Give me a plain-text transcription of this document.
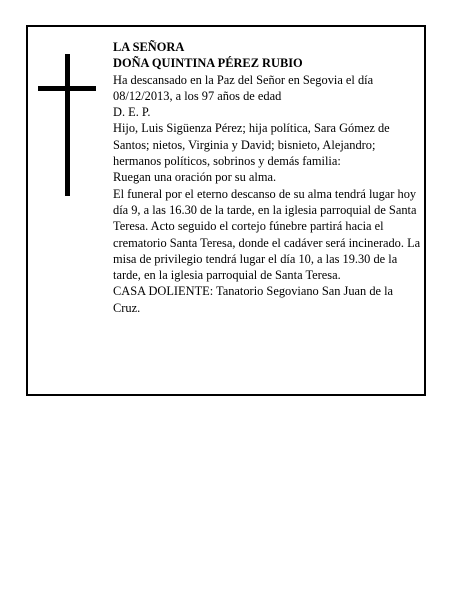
LA SEÑORA

DOÑA QUINTINA PÉREZ RUBIO

Ha descansado en la Paz del Señor en Segovia el día 08/12/2013, a los 97 años de edad

D. E. P.

Hijo, Luis Sigüenza Pérez; hija política, Sara Gómez de Santos; nietos, Virginia y David; bisnieto, Alejandro; hermanos políticos, sobrinos y demás familia:

Ruegan una oración por su alma.

El funeral por el eterno descanso de su alma tendrá lugar hoy día 9, a las 16.30 de la tarde, en la iglesia parroquial de Santa Teresa. Acto seguido el cortejo fúnebre partirá hacia el crematorio Santa Teresa, donde el cadáver será incinerado. La misa de privilegio tendrá lugar el día 10, a las 19.30 de la tarde, en la iglesia parroquial de Santa Teresa.

CASA DOLIENTE: Tanatorio Segoviano San Juan de la Cruz.
